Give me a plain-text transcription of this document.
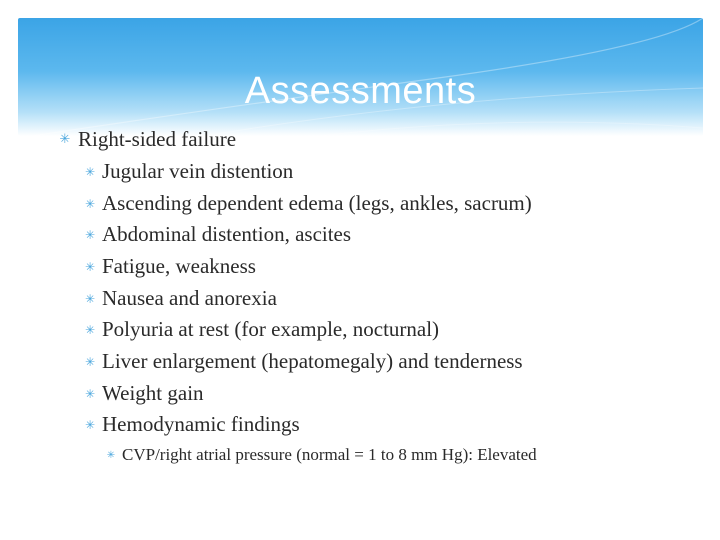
Assessments
✳ Right-sided failure
✳ Jugular vein distention
✳ Ascending dependent edema (legs, ankles, sacrum)
✳ Abdominal distention, ascites
✳ Fatigue, weakness
✳ Nausea and anorexia
✳ Polyuria at rest (for example, nocturnal)
✳ Liver enlargement (hepatomegaly) and tenderness
✳ Weight gain
✳ Hemodynamic findings
✳ CVP/right atrial pressure (normal = 1 to 8 mm Hg): Elevated
